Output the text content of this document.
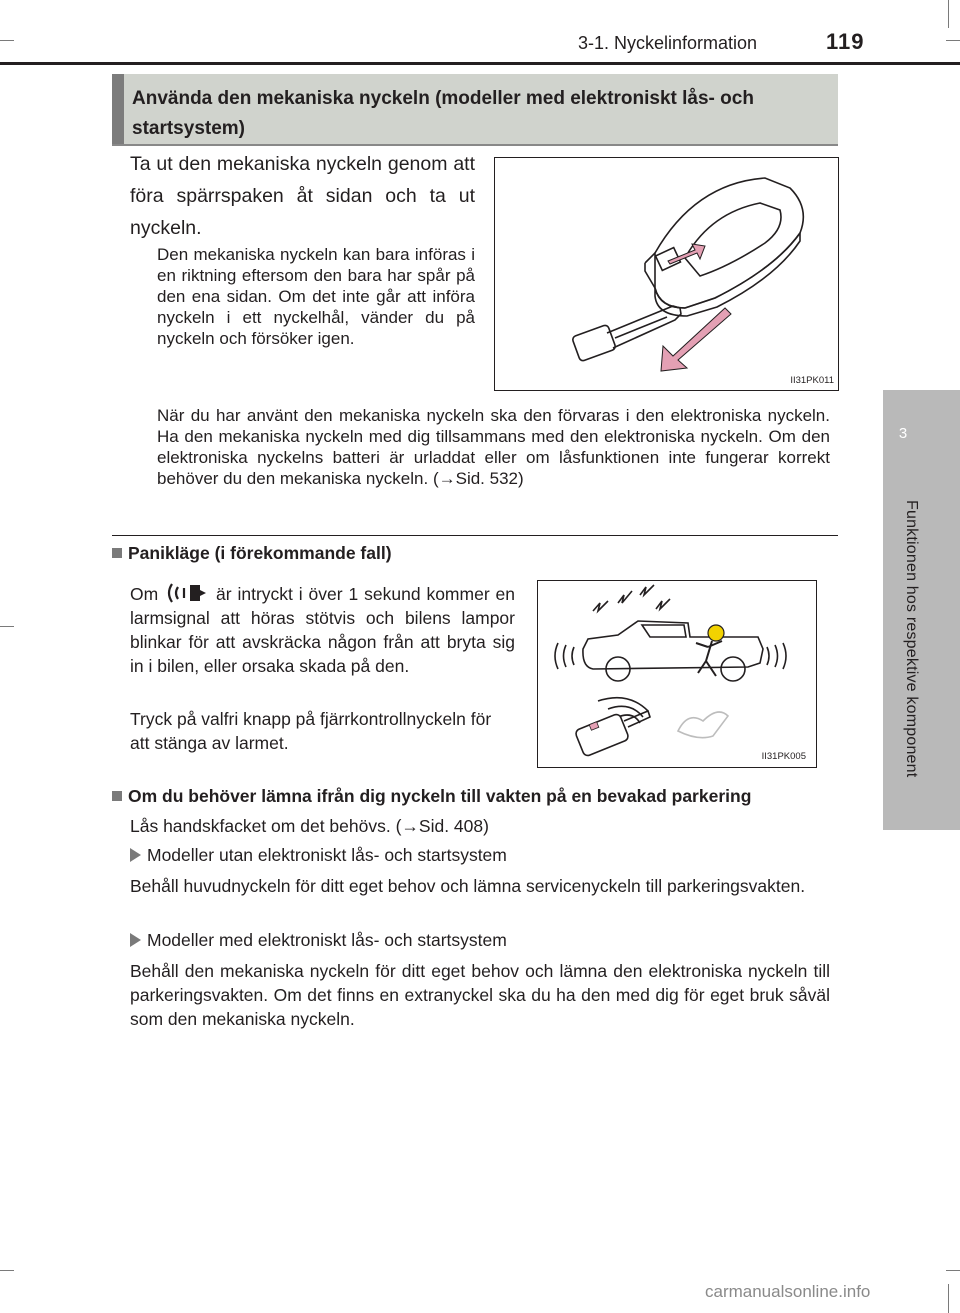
3-1. Nyckelinformation	119
3
Funktionen hos respektive komponent
Använda den mekaniska nyckeln (modeller med elektroniskt lås- och startsystem)
Ta ut den mekaniska nyckeln genom att föra spärrspaken åt sidan och ta ut nyckeln.
Den mekaniska nyckeln kan bara införas i en riktning eftersom den bara har spår på den ena sidan. Om det inte går att införa nyckeln i ett nyckelhål, vänder du på nyckeln och försöker igen.
II31PK011
När du har använt den mekaniska nyckeln ska den förvaras i den elektroniska nyckeln. Ha den mekaniska nyckeln med dig tillsammans med den elektroniska nyckeln. Om den elektroniska nyckelns batteri är urladdat eller om låsfunktionen inte fungerar korrekt behöver du den mekaniska nyckeln. (→Sid. 532)
Panikläge (i förekommande fall)
Om	är intryckt i över 1 sekund kommer en larmsignal att höras stötvis och bilens lampor blinkar för att avskräcka någon från att bryta sig in i bilen, eller orsaka skada på den.
Tryck på valfri knapp på fjärrkontrollnyckeln för att stänga av larmet.
II31PK005
Om du behöver lämna ifrån dig nyckeln till vakten på en bevakad parkering
Lås handskfacket om det behövs. (→Sid. 408)
Modeller utan elektroniskt lås- och startsystem
Behåll huvudnyckeln för ditt eget behov och lämna servicenyckeln till parkeringsvakten.
Modeller med elektroniskt lås- och startsystem
Behåll den mekaniska nyckeln för ditt eget behov och lämna den elektroniska nyckeln till parkeringsvakten. Om det finns en extranyckel ska du ha den med dig för eget bruk såväl som den mekaniska nyckeln.
carmanualsonline.info
